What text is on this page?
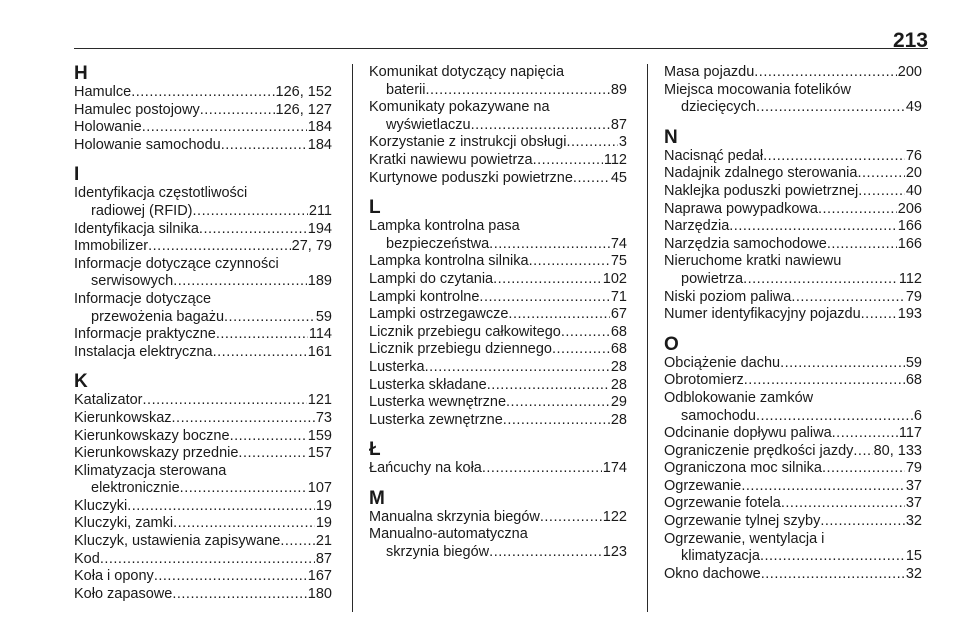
213
H
Hamulce .....	126, 152
Hamulec postojowy .....	126, 127
Holowanie .....	184
Holowanie samochodu .....	184
I
Identyfikacja częstotliwości
radiowej (RFID) .....	211
Identyfikacja silnika .....	194
Immobilizer .....	27, 79
Informacje dotyczące czynności
serwisowych .....	189
Informacje dotyczące
przewożenia bagażu .....	59
Informacje praktyczne .....	114
Instalacja elektryczna .....	161
K
Katalizator .....	121
Kierunkowskaz .....	73
Kierunkowskazy boczne .....	159
Kierunkowskazy przednie .....	157
Klimatyzacja sterowana
elektronicznie .....	107
Kluczyki .....	19
Kluczyki, zamki .....	19
Kluczyk, ustawienia zapisywane ..... 21
Kod .....	87
Koła i opony .....	167
Koło zapasowe .....	180
Komunikat dotyczący napięcia
baterii .....	89
Komunikaty pokazywane na
wyświetlaczu .....	87
Korzystanie z instrukcji obsługi .....	3
Kratki nawiewu powietrza .....	112
Kurtynowe poduszki powietrzne .....	45
L
Lampka kontrolna pasa
bezpieczeństwa .....	74
Lampka kontrolna silnika .....	75
Lampki do czytania .....	102
Lampki kontrolne .....	71
Lampki ostrzegawcze .....	67
Licznik przebiegu całkowitego .....	68
Licznik przebiegu dziennego .....	68
Lusterka .....	28
Lusterka składane .....	28
Lusterka wewnętrzne .....	29
Lusterka zewnętrzne .....	28
Ł
Łańcuchy na koła .....	174
M
Manualna skrzynia biegów .....	122
Manualno-automatyczna
skrzynia biegów .....	123
Masa pojazdu .....	200
Miejsca mocowania fotelików
dziecięcych .....	49
N
Nacisnąć pedał .....	76
Nadajnik zdalnego sterowania .....	20
Naklejka poduszki powietrznej .....	40
Naprawa powypadkowa .....	206
Narzędzia .....	166
Narzędzia samochodowe .....	166
Nieruchome kratki nawiewu
powietrza .....	112
Niski poziom paliwa .....	79
Numer identyfikacyjny pojazdu .....	193
O
Obciążenie dachu .....	59
Obrotomierz .....	68
Odblokowanie zamków
samochodu .....	6
Odcinanie dopływu paliwa .....	117
Ograniczenie prędkości jazdy ..... 80, 133
Ograniczona moc silnika .....	79
Ogrzewanie .....	37
Ogrzewanie fotela .....	37
Ogrzewanie tylnej szyby .....	32
Ogrzewanie, wentylacja i
klimatyzacja .....	15
Okno dachowe .....	32
